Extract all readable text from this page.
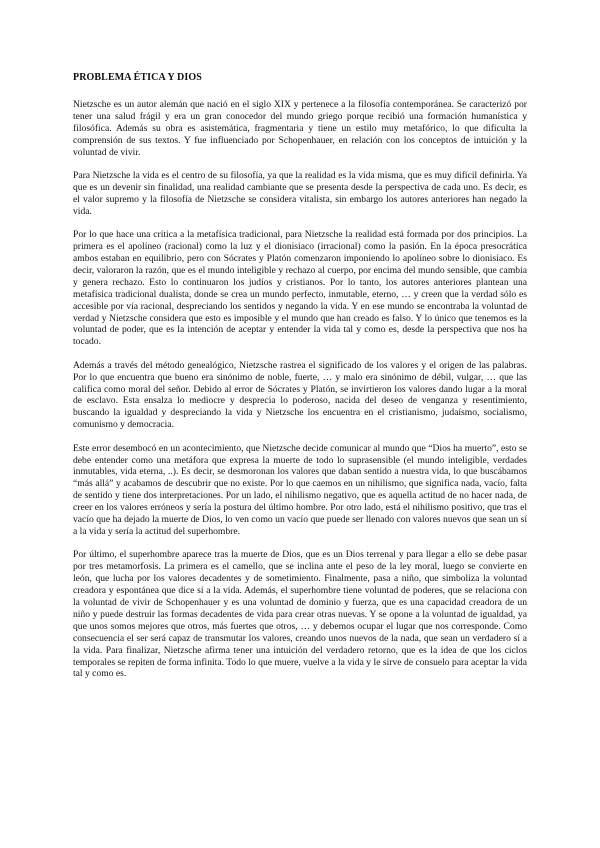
PROBLEMA ÉTICA Y DIOS

Nietzsche es un autor alemán que nació en el siglo XIX y pertenece a la filosofía contemporánea. Se caracterizó por tener una salud frágil y era un gran conocedor del mundo griego porque recibió una formación humanística y filosófica. Además su obra es asistemática, fragmentaria y tiene un estilo muy metafórico, lo que dificulta la comprensión de sus textos. Y fue influenciado por Schopenhauer, en relación con los conceptos de intuición y la voluntad de vivir.

Para Nietzsche la vida es el centro de su filosofía, ya que la realidad es la vida misma, que es muy difícil definirla. Ya que es un devenir sin finalidad, una realidad cambiante que se presenta desde la perspectiva de cada uno. Es decir, es el valor supremo y la filosofía de Nietzsche se considera vitalista, sin embargo los autores anteriores han negado la vida.

Por lo que hace una crítica a la metafísica tradicional, para Nietzsche la realidad está formada por dos principios. La primera es el apolíneo (racional) como la luz y el dionisíaco (irracional) como la pasión. En la época presocrática ambos estaban en equilibrio, pero con Sócrates y Platón comenzaron imponiendo lo apolíneo sobre lo dionisíaco. Es decir, valoraron la razón, que es el mundo inteligible y rechazo al cuerpo, por encima del mundo sensible, que cambia y genera rechazo. Esto lo continuaron los judíos y cristianos. Por lo tanto, los autores anteriores plantean una metafísica tradicional dualista, donde se crea un mundo perfecto, inmutable, eterno, … y creen que la verdad sólo es accesible por vía racional, despreciando los sentidos y negando la vida. Y en ese mundo se encontraba la voluntad de verdad y Nietzsche considera que esto es imposible y el mundo que han creado es falso. Y lo único que tenemos es la voluntad de poder, que es la intención de aceptar y entender la vida tal y como es, desde la perspectiva que nos ha tocado.

Además a través del método genealógico, Nietzsche rastrea el significado de los valores y el origen de las palabras. Por lo que encuentra que bueno era sinónimo de noble, fuerte, … y malo era sinónimo de débil, vulgar, … que las califica como moral del señor. Debido al error de Sócrates y Platón, se invirtieron los valores dando lugar a la moral de esclavo. Esta ensalza lo mediocre y desprecia lo poderoso, nacida del deseo de venganza y resentimiento, buscando la igualdad y despreciando la vida y Nietzsche los encuentra en el cristianismo, judaísmo, socialismo, comunismo y democracia.

Este error desembocó en un acontecimiento, que Nietzsche decide comunicar al mundo que “Dios ha muerto”, esto se debe entender como una metáfora que expresa la muerte de todo lo suprasensible (el mundo inteligible, verdades inmutables, vida eterna, ..). Es decir, se desmoronan los valores que daban sentido a nuestra vida, lo que buscábamos “más allá” y acabamos de descubrir que no existe. Por lo que caemos en un nihilismo, que significa nada, vacío, falta de sentido y tiene dos interpretaciones. Por un lado, el nihilismo negativo, que es aquella actitud de no hacer nada, de creer en los valores erróneos y sería la postura del último hombre. Por otro lado, está el nihilismo positivo, que tras el vacío que ha dejado la muerte de Dios, lo ven como un vacío que puede ser llenado con valores nuevos que sean un sí a la vida y sería la actitud del superhombre.

Por último, el superhombre aparece tras la muerte de Dios, que es un Dios terrenal y para llegar a ello se debe pasar por tres metamorfosis. La primera es el camello, que se inclina ante el peso de la ley moral, luego se convierte en león, que lucha por los valores decadentes y de sometimiento. Finalmente, pasa a niño, que simboliza la voluntad creadora y espontánea que dice sí a la vida. Además, el superhombre tiene voluntad de poderes, que se relaciona con la voluntad de vivir de Schopenhauer y es una voluntad de dominio y fuerza, que es una capacidad creadora de un niño y puede destruir las formas decadentes de vida para crear otras nuevas. Y se opone a la voluntad de igualdad, ya que unos somos mejores que otros, más fuertes que otros, … y debemos ocupar el lugar que nos corresponde. Como consecuencia el ser será capaz de transmutar los valores, creando unos nuevos de la nada, que sean un verdadero sí a la vida. Para finalizar, Nietzsche afirma tener una intuición del verdadero retorno, que es la idea de que los ciclos temporales se repiten de forma infinita. Todo lo que muere, vuelve a la vida y le sirve de consuelo para aceptar la vida tal y como es.
